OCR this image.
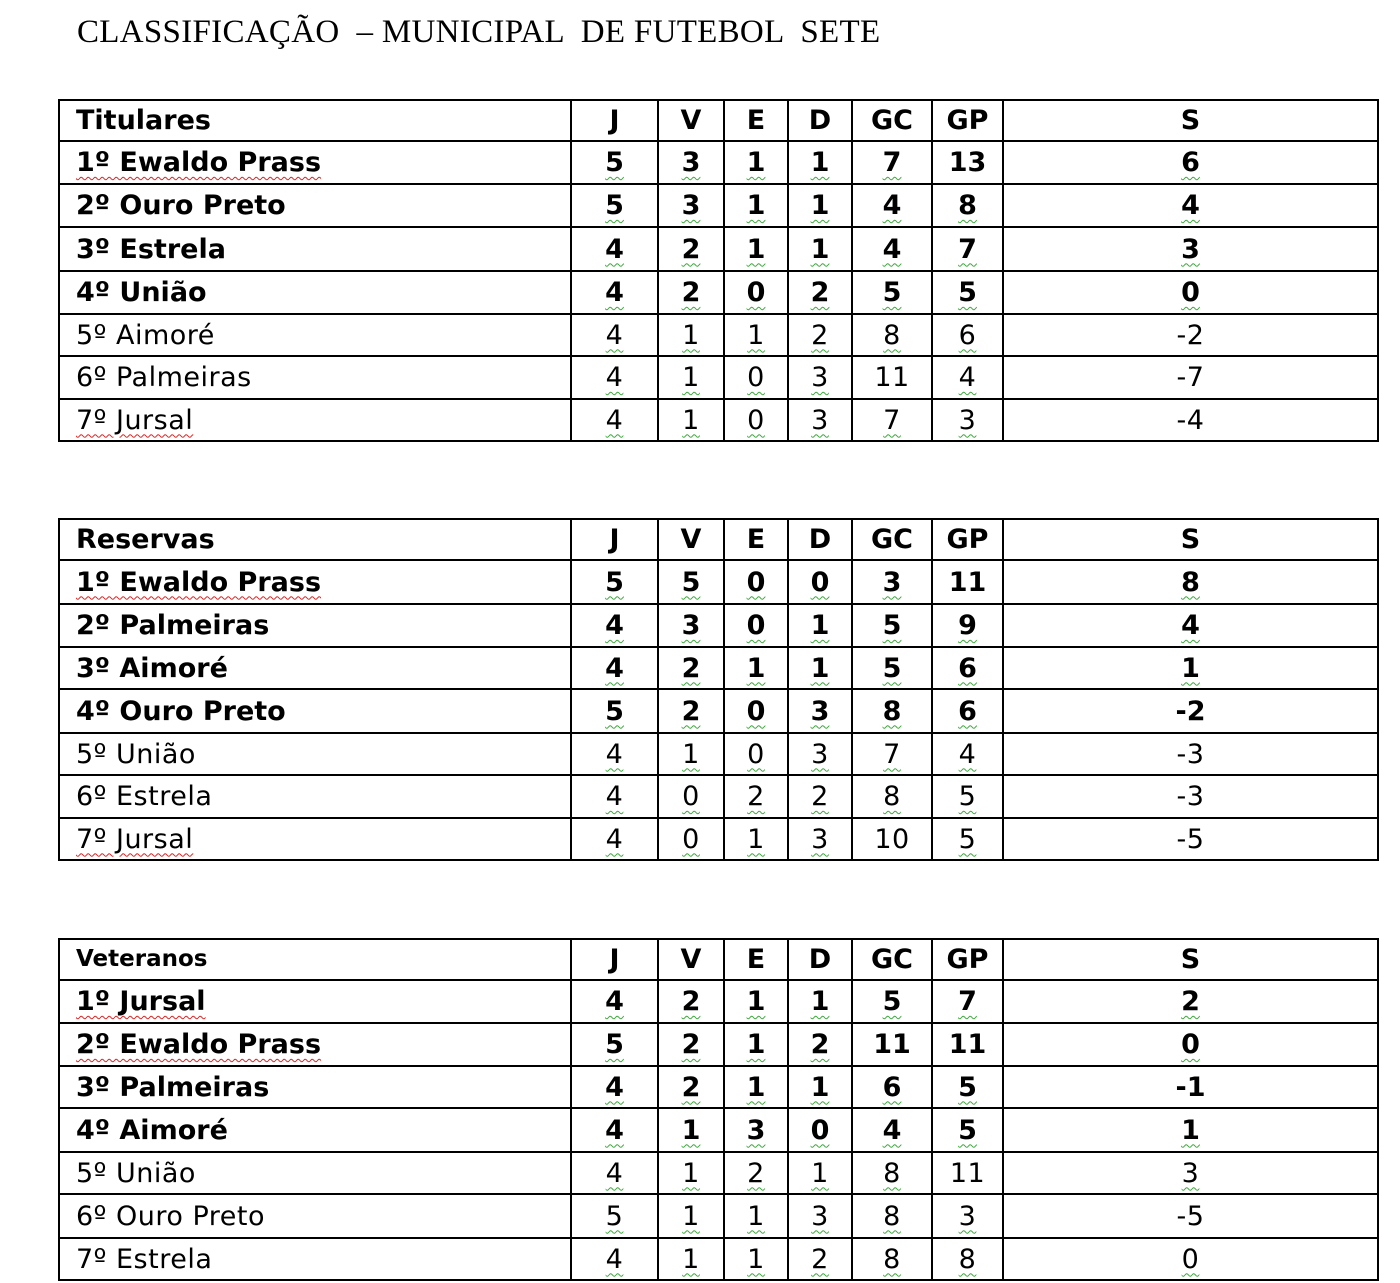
CLASSIFICAÇÃO  – MUNICIPAL  DE FUTEBOL  SETE
Titulares	J	V	E	D	GC	GP	S	
1º Ewaldo Prass	5	3	1	1	7	13	6	
2º Ouro Preto	5	3	1	1	4	8	4	
3º Estrela	4	2	1	1	4	7	3	
4º União	4	2	0	2	5	5	0	
5º Aimoré	4	1	1	2	8	6	-2	
6º Palmeiras	4	1	0	3	11	4	-7	
7º Jursal	4	1	0	3	7	3	-4	
Reservas	J	V	E	D	GC	GP	S	
1º Ewaldo Prass	5	5	0	0	3	11	8	
2º Palmeiras	4	3	0	1	5	9	4	
3º Aimoré	4	2	1	1	5	6	1	
4º Ouro Preto	5	2	0	3	8	6	-2	
5º União	4	1	0	3	7	4	-3	
6º Estrela	4	0	2	2	8	5	-3	
7º Jursal	4	0	1	3	10	5	-5	
Veteranos	J	V	E	D	GC	GP	S	
1º Jursal	4	2	1	1	5	7	2	
2º Ewaldo Prass	5	2	1	2	11	11	0	
3º Palmeiras	4	2	1	1	6	5	-1	
4º Aimoré	4	1	3	0	4	5	1	
5º União	4	1	2	1	8	11	3	
6º Ouro Preto	5	1	1	3	8	3	-5	
7º Estrela	4	1	1	2	8	8	0	
